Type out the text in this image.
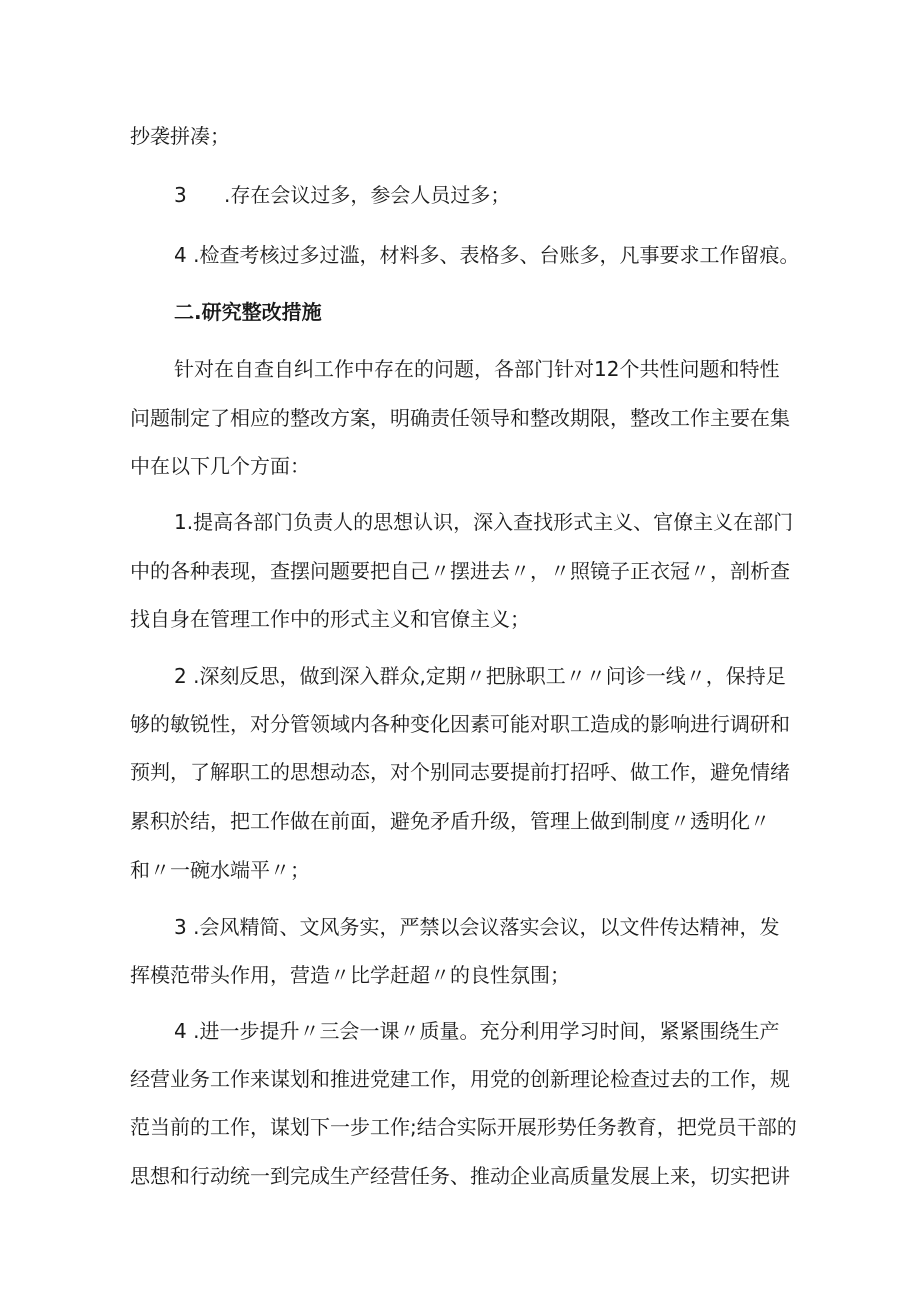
抄袭拼凑；
3 .存在会议过多，参会人员过多；
4 .检查考核过多过滥，材料多、表格多、台账多，凡事要求工作留痕。
二.研究整改措施
针对在自查自纠工作中存在的问题，各部门针对12个共性问题和特性
问题制定了相应的整改方案，明确责任领导和整改期限，整改工作主要在集
中在以下几个方面：
1.提高各部门负责人的思想认识，深入查找形式主义、官僚主义在部门
中的各种表现，查摆问题要把自己〃摆进去〃，〃照镜子正衣冠〃，剖析查
找自身在管理工作中的形式主义和官僚主义；
2 .深刻反思，做到深入群众,定期〃把脉职工〃〃问诊一线〃，保持足
够的敏锐性，对分管领域内各种变化因素可能对职工造成的影响进行调研和
预判，了解职工的思想动态，对个别同志要提前打招呼、做工作，避免情绪
累积於结，把工作做在前面，避免矛盾升级，管理上做到制度〃透明化〃
和〃一碗水端平〃；
3 .会风精简、文风务实，严禁以会议落实会议，以文件传达精神，发
挥模范带头作用，营造〃比学赶超〃的良性氛围；
4 .进一步提升〃三会一课〃质量。充分利用学习时间，紧紧围绕生产
经营业务工作来谋划和推进党建工作，用党的创新理论检查过去的工作，规
范当前的工作，谋划下一步工作;结合实际开展形势任务教育，把党员干部的
思想和行动统一到完成生产经营任务、推动企业高质量发展上来，切实把讲
